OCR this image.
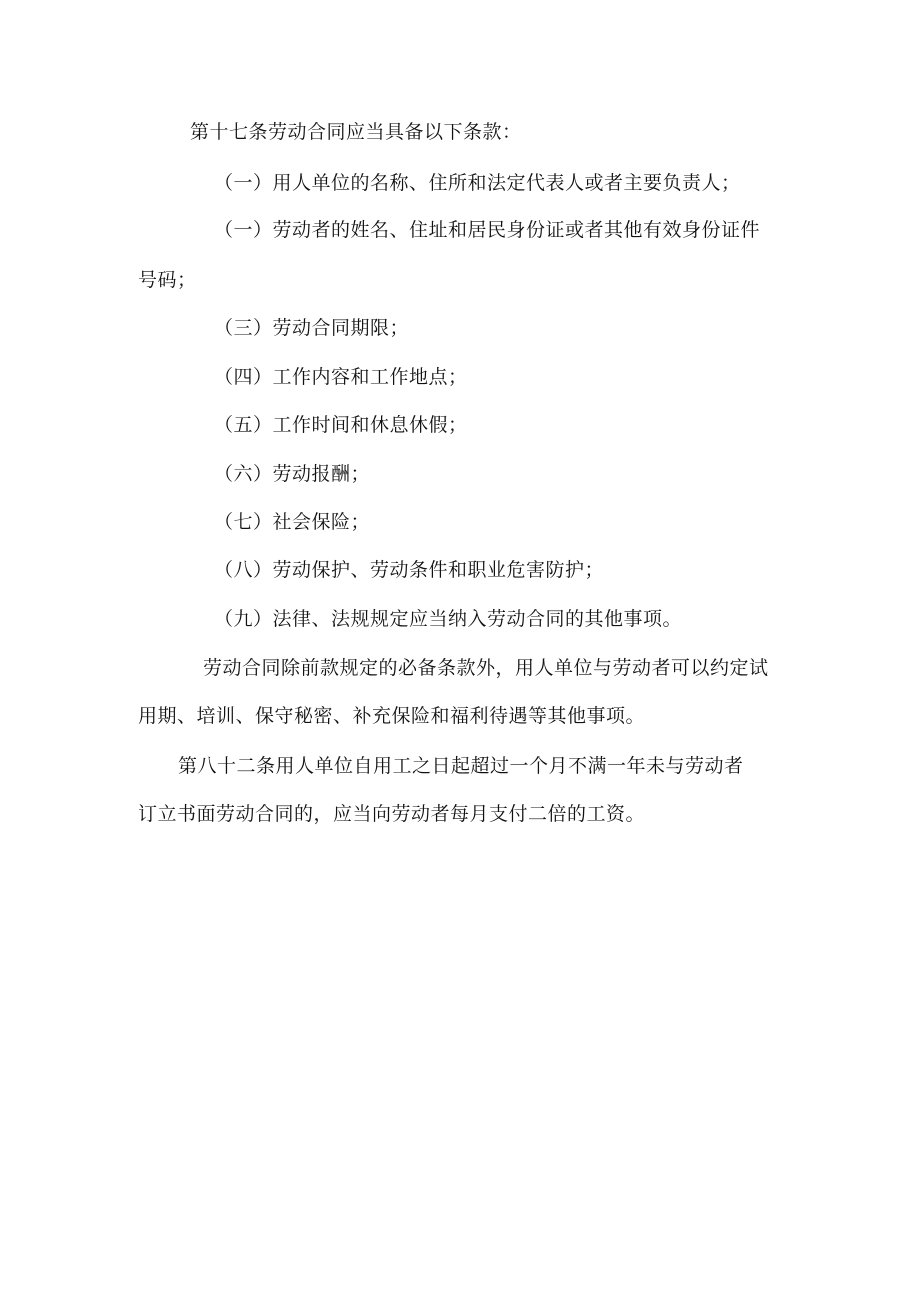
第十七条劳动合同应当具备以下条款：
（一）用人单位的名称、住所和法定代表人或者主要负责人；
（一）劳动者的姓名、住址和居民身份证或者其他有效身份证件
号码；
（三）劳动合同期限；
（四）工作内容和工作地点；
（五）工作时间和休息休假；
（六）劳动报酬；
（七）社会保险；
（八）劳动保护、劳动条件和职业危害防护；
（九）法律、法规规定应当纳入劳动合同的其他事项。
劳动合同除前款规定的必备条款外，用人单位与劳动者可以约定试
用期、培训、保守秘密、补充保险和福利待遇等其他事项。
第八十二条用人单位自用工之日起超过一个月不满一年未与劳动者
订立书面劳动合同的，应当向劳动者每月支付二倍的工资。
